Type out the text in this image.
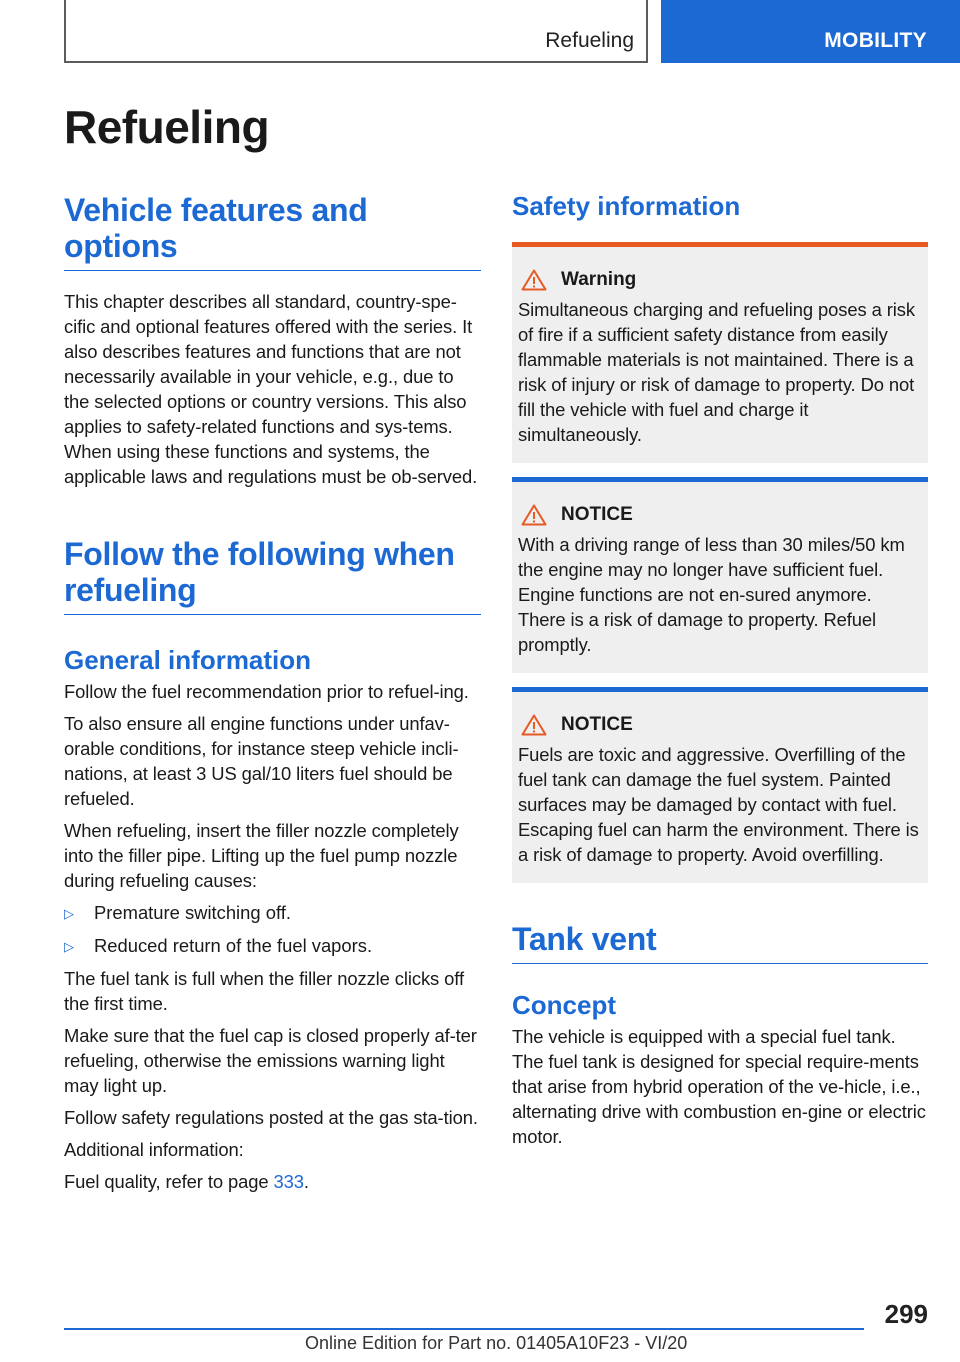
Refueling	MOBILITY
Refueling
Vehicle features and options

This chapter describes all standard, country-spe-cific and optional features offered with the series. It also describes features and functions that are not necessarily available in your vehicle, e.g., due to the selected options or country versions. This also applies to safety-related functions and sys-tems. When using these functions and systems, the applicable laws and regulations must be ob-served.

Follow the following when refueling
General information

Follow the fuel recommendation prior to refuel-ing.

To also ensure all engine functions under unfav-orable conditions, for instance steep vehicle incli-nations, at least 3 US gal/10 liters fuel should be refueled.

When refueling, insert the filler nozzle completely into the filler pipe. Lifting up the fuel pump nozzle during refueling causes:

▷	Premature switching off.
▷	Reduced return of the fuel vapors.

The fuel tank is full when the filler nozzle clicks off the first time.

Make sure that the fuel cap is closed properly af-ter refueling, otherwise the emissions warning light may light up.

Follow safety regulations posted at the gas sta-tion.

Additional information:

Fuel quality, refer to page 333.

Safety information
Warning

Simultaneous charging and refueling poses a risk of fire if a sufficient safety distance from easily flammable materials is not maintained. There is a risk of injury or risk of damage to property. Do not fill the vehicle with fuel and charge it simultaneously.

NOTICE

With a driving range of less than 30 miles/50 km the engine may no longer have sufficient fuel. Engine functions are not en-sured anymore. There is a risk of damage to property. Refuel promptly.

NOTICE

Fuels are toxic and aggressive. Overfilling of the fuel tank can damage the fuel system. Painted surfaces may be damaged by contact with fuel. Escaping fuel can harm the environment. There is a risk of damage to property. Avoid overfilling.

Tank vent
Concept

The vehicle is equipped with a special fuel tank. The fuel tank is designed for special require-ments that arise from hybrid operation of the ve-hicle, i.e., alternating drive with combustion en-gine or electric motor.

299
Online Edition for Part no. 01405A10F23 - VI/20
